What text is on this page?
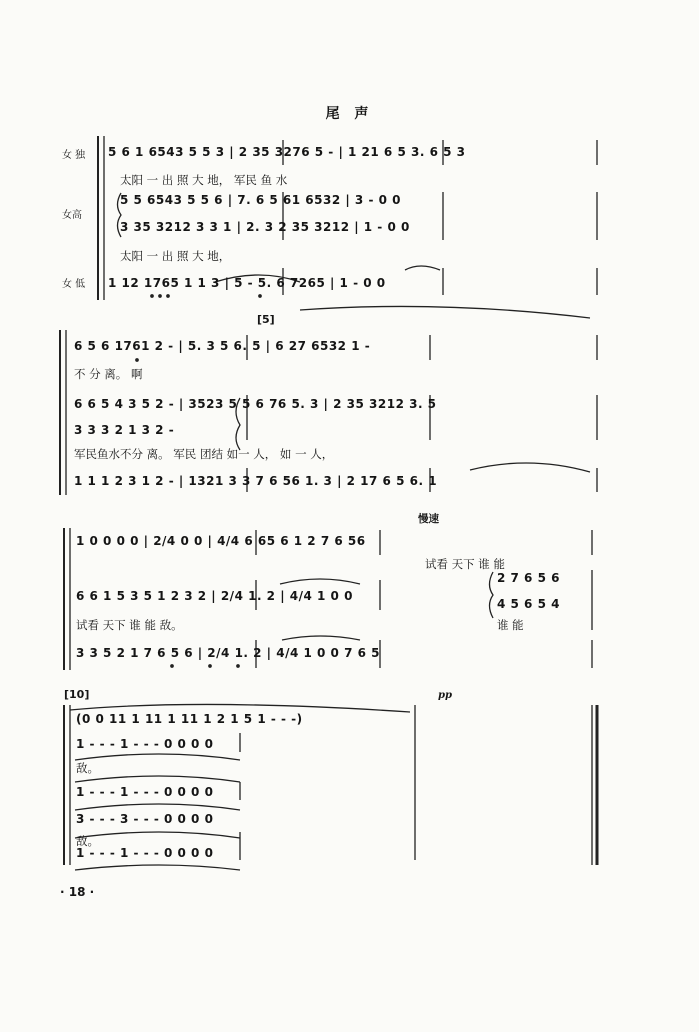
尾 声
女 独
女高
女 低
5 6 1 6543 5 5 3 | 2 35 3276 5 - | 1 21 6 5 3. 6 5 3
太阳 一 出 照 大 地， 军民 鱼 水
5 5 6543 5 5 6 | 7. 6 5 61 6532 | 3 - 0 0
3 35 3212 3 3 1 | 2. 3 2 35 3212 | 1 - 0 0
太阳 一 出 照 大 地，
1 12 1765 1 1 3 | 5 - 5. 6 7265 | 1 - 0 0
[5]
6 5 6 1761 2 - | 5. 3 5 6. 5 | 6 27 6532 1 -
不 分 离。 啊
6 6 5 4 3 5 2 - | 3523 5 5 6 76 5. 3 | 2 35 3212 3. 5
3 3 3 2 1 3 2 -
军民鱼水不分 离。 军民 团结 如一 人， 如 一 人，
1 1 1 2 3 1 2 - | 1321 3 3 7 6 56 1. 3 | 2 17 6 5 6. 1
慢速
1 0 0 0 0 | 2/4 0 0 | 4/4 6 65 6 1 2 7 6 56
试看 天下 谁 能
6 6 1 5 3 5 1 2 3 2 | 2/4 1. 2 | 4/4 1 0 0
2 7 6 5 6
4 5 6 5 4
试看 天下 谁 能 敌。	谁 能
3 3 5 2 1 7 6 5 6 | 2/4 1. 2 | 4/4 1 0 0 7 6 5
[10]	pp
(0 0 11 1 11 1 11 1 2 1 5 1 - - -)
1 - - - 1 - - - 0 0 0 0
敌。
1 - - - 1 - - - 0 0 0 0
3 - - - 3 - - - 0 0 0 0
敌。
1 - - - 1 - - - 0 0 0 0
· 18 ·
